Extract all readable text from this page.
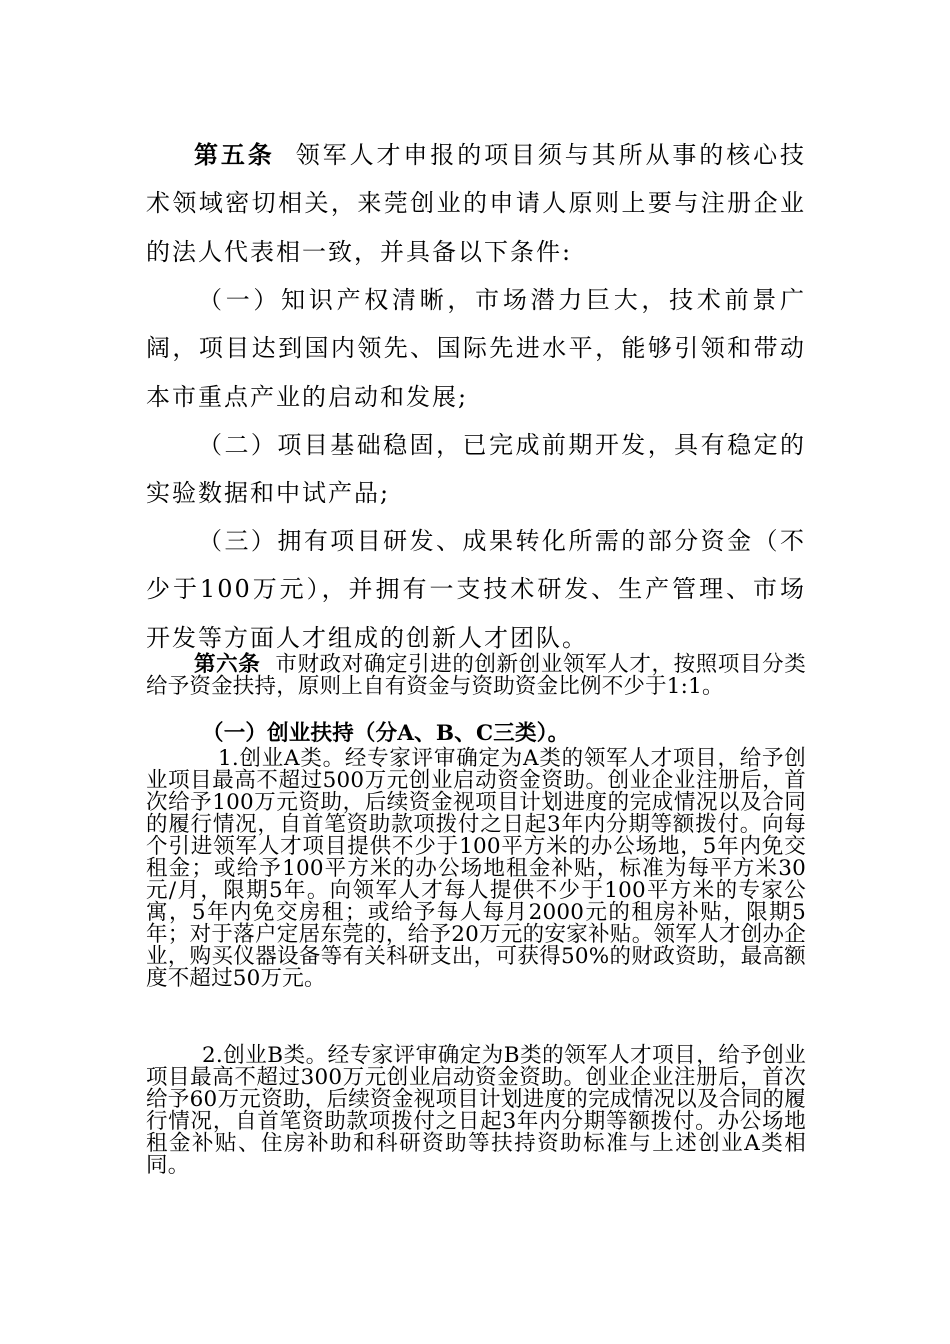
第五条 领军人才申报的项目须与其所从事的核心技术领域密切相关，来莞创业的申请人原则上要与注册企业的法人代表相一致，并具备以下条件:
（一）知识产权清晰，市场潜力巨大，技术前景广阔，项目达到国内领先、国际先进水平，能够引领和带动本市重点产业的启动和发展;
（二）项目基础稳固，已完成前期开发，具有稳定的实验数据和中试产品;
（三）拥有项目研发、成果转化所需的部分资金（不少于100万元），并拥有一支技术研发、生产管理、市场开发等方面人才组成的创新人才团队。
第六条 市财政对确定引进的创新创业领军人才，按照项目分类给予资金扶持，原则上自有资金与资助资金比例不少于1:1。
（一）创业扶持（分A、B、C三类）。
1.创业A类。经专家评审确定为A类的领军人才项目，给予创业项目最高不超过500万元创业启动资金资助。创业企业注册后，首次给予100万元资助，后续资金视项目计划进度的完成情况以及合同的履行情况，自首笔资助款项拨付之日起3年内分期等额拨付。向每个引进领军人才项目提供不少于100平方米的办公场地，5年内免交租金；或给予100平方米的办公场地租金补贴，标准为每平方米30元/月，限期5年。向领军人才每人提供不少于100平方米的专家公寓，5年内免交房租；或给予每人每月2000元的租房补贴，限期5年；对于落户定居东莞的，给予20万元的安家补贴。领军人才创办企业，购买仪器设备等有关科研支出，可获得50%的财政资助，最高额度不超过50万元。
2.创业B类。经专家评审确定为B类的领军人才项目，给予创业项目最高不超过300万元创业启动资金资助。创业企业注册后，首次给予60万元资助，后续资金视项目计划进度的完成情况以及合同的履行情况，自首笔资助款项拨付之日起3年内分期等额拨付。办公场地租金补贴、住房补助和科研资助等扶持资助标准与上述创业A类相同。
